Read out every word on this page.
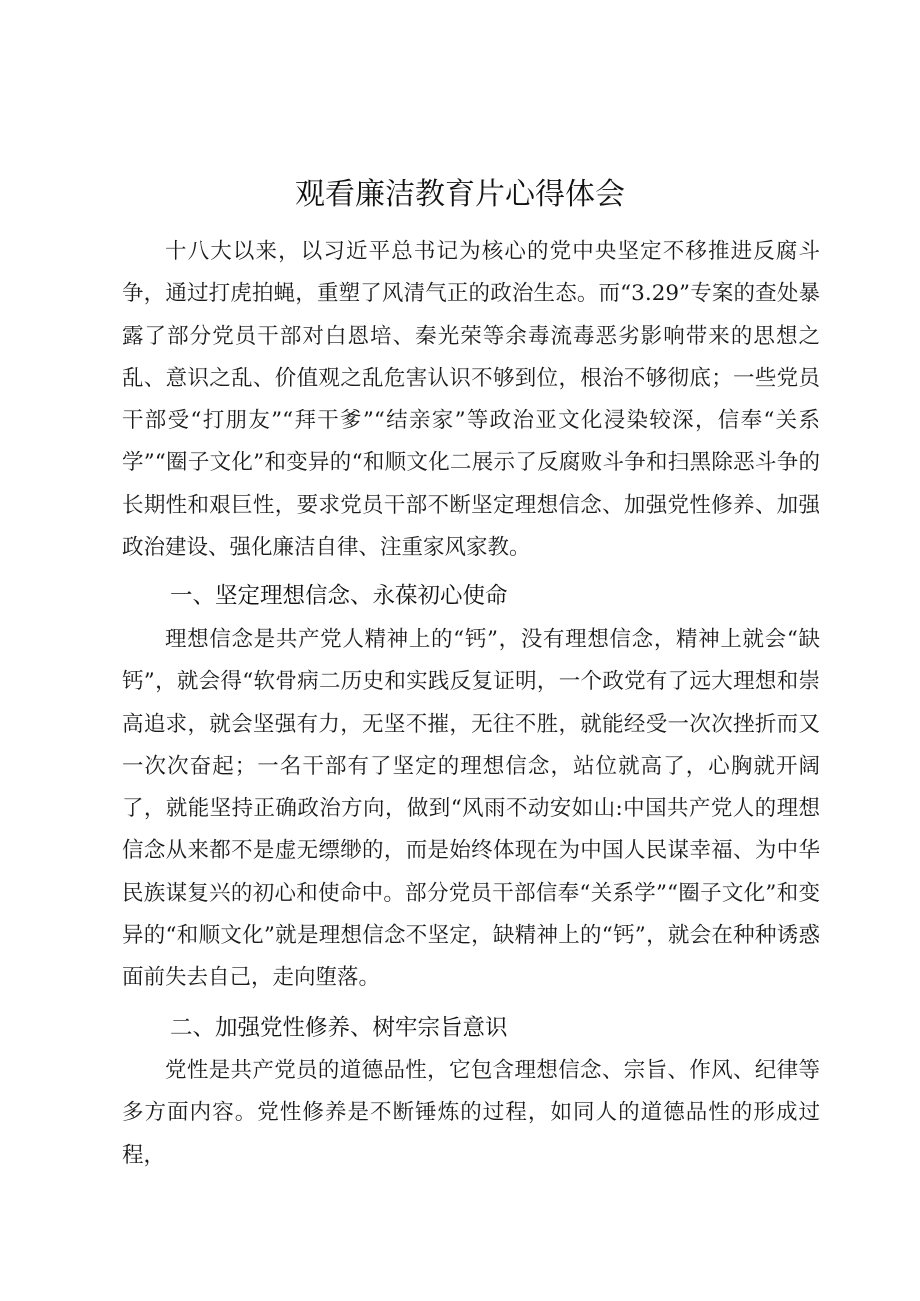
观看廉洁教育片心得体会

十八大以来，以习近平总书记为核心的党中央坚定不移推进反腐斗争，通过打虎拍蝇，重塑了风清气正的政治生态。而“3.29”专案的查处暴露了部分党员干部对白恩培、秦光荣等余毒流毒恶劣影响带来的思想之乱、意识之乱、价值观之乱危害认识不够到位，根治不够彻底；一些党员干部受“打朋友”“拜干爹”“结亲家”等政治亚文化浸染较深，信奉“关系学”“圈子文化”和变异的“和顺文化二展示了反腐败斗争和扫黑除恶斗争的长期性和艰巨性，要求党员干部不断坚定理想信念、加强党性修养、加强政治建设、强化廉洁自律、注重家风家教。

一、坚定理想信念、永葆初心使命

理想信念是共产党人精神上的“钙”，没有理想信念，精神上就会“缺钙”，就会得“软骨病二历史和实践反复证明，一个政党有了远大理想和崇高追求，就会坚强有力，无坚不摧，无往不胜，就能经受一次次挫折而又一次次奋起；一名干部有了坚定的理想信念，站位就高了，心胸就开阔了，就能坚持正确政治方向，做到“风雨不动安如山:中国共产党人的理想信念从来都不是虚无缥缈的，而是始终体现在为中国人民谋幸福、为中华民族谋复兴的初心和使命中。部分党员干部信奉“关系学”“圈子文化”和变异的“和顺文化”就是理想信念不坚定，缺精神上的“钙”，就会在种种诱惑面前失去自己，走向堕落。

二、加强党性修养、树牢宗旨意识

党性是共产党员的道德品性，它包含理想信念、宗旨、作风、纪律等多方面内容。党性修养是不断锤炼的过程，如同人的道德品性的形成过程，
